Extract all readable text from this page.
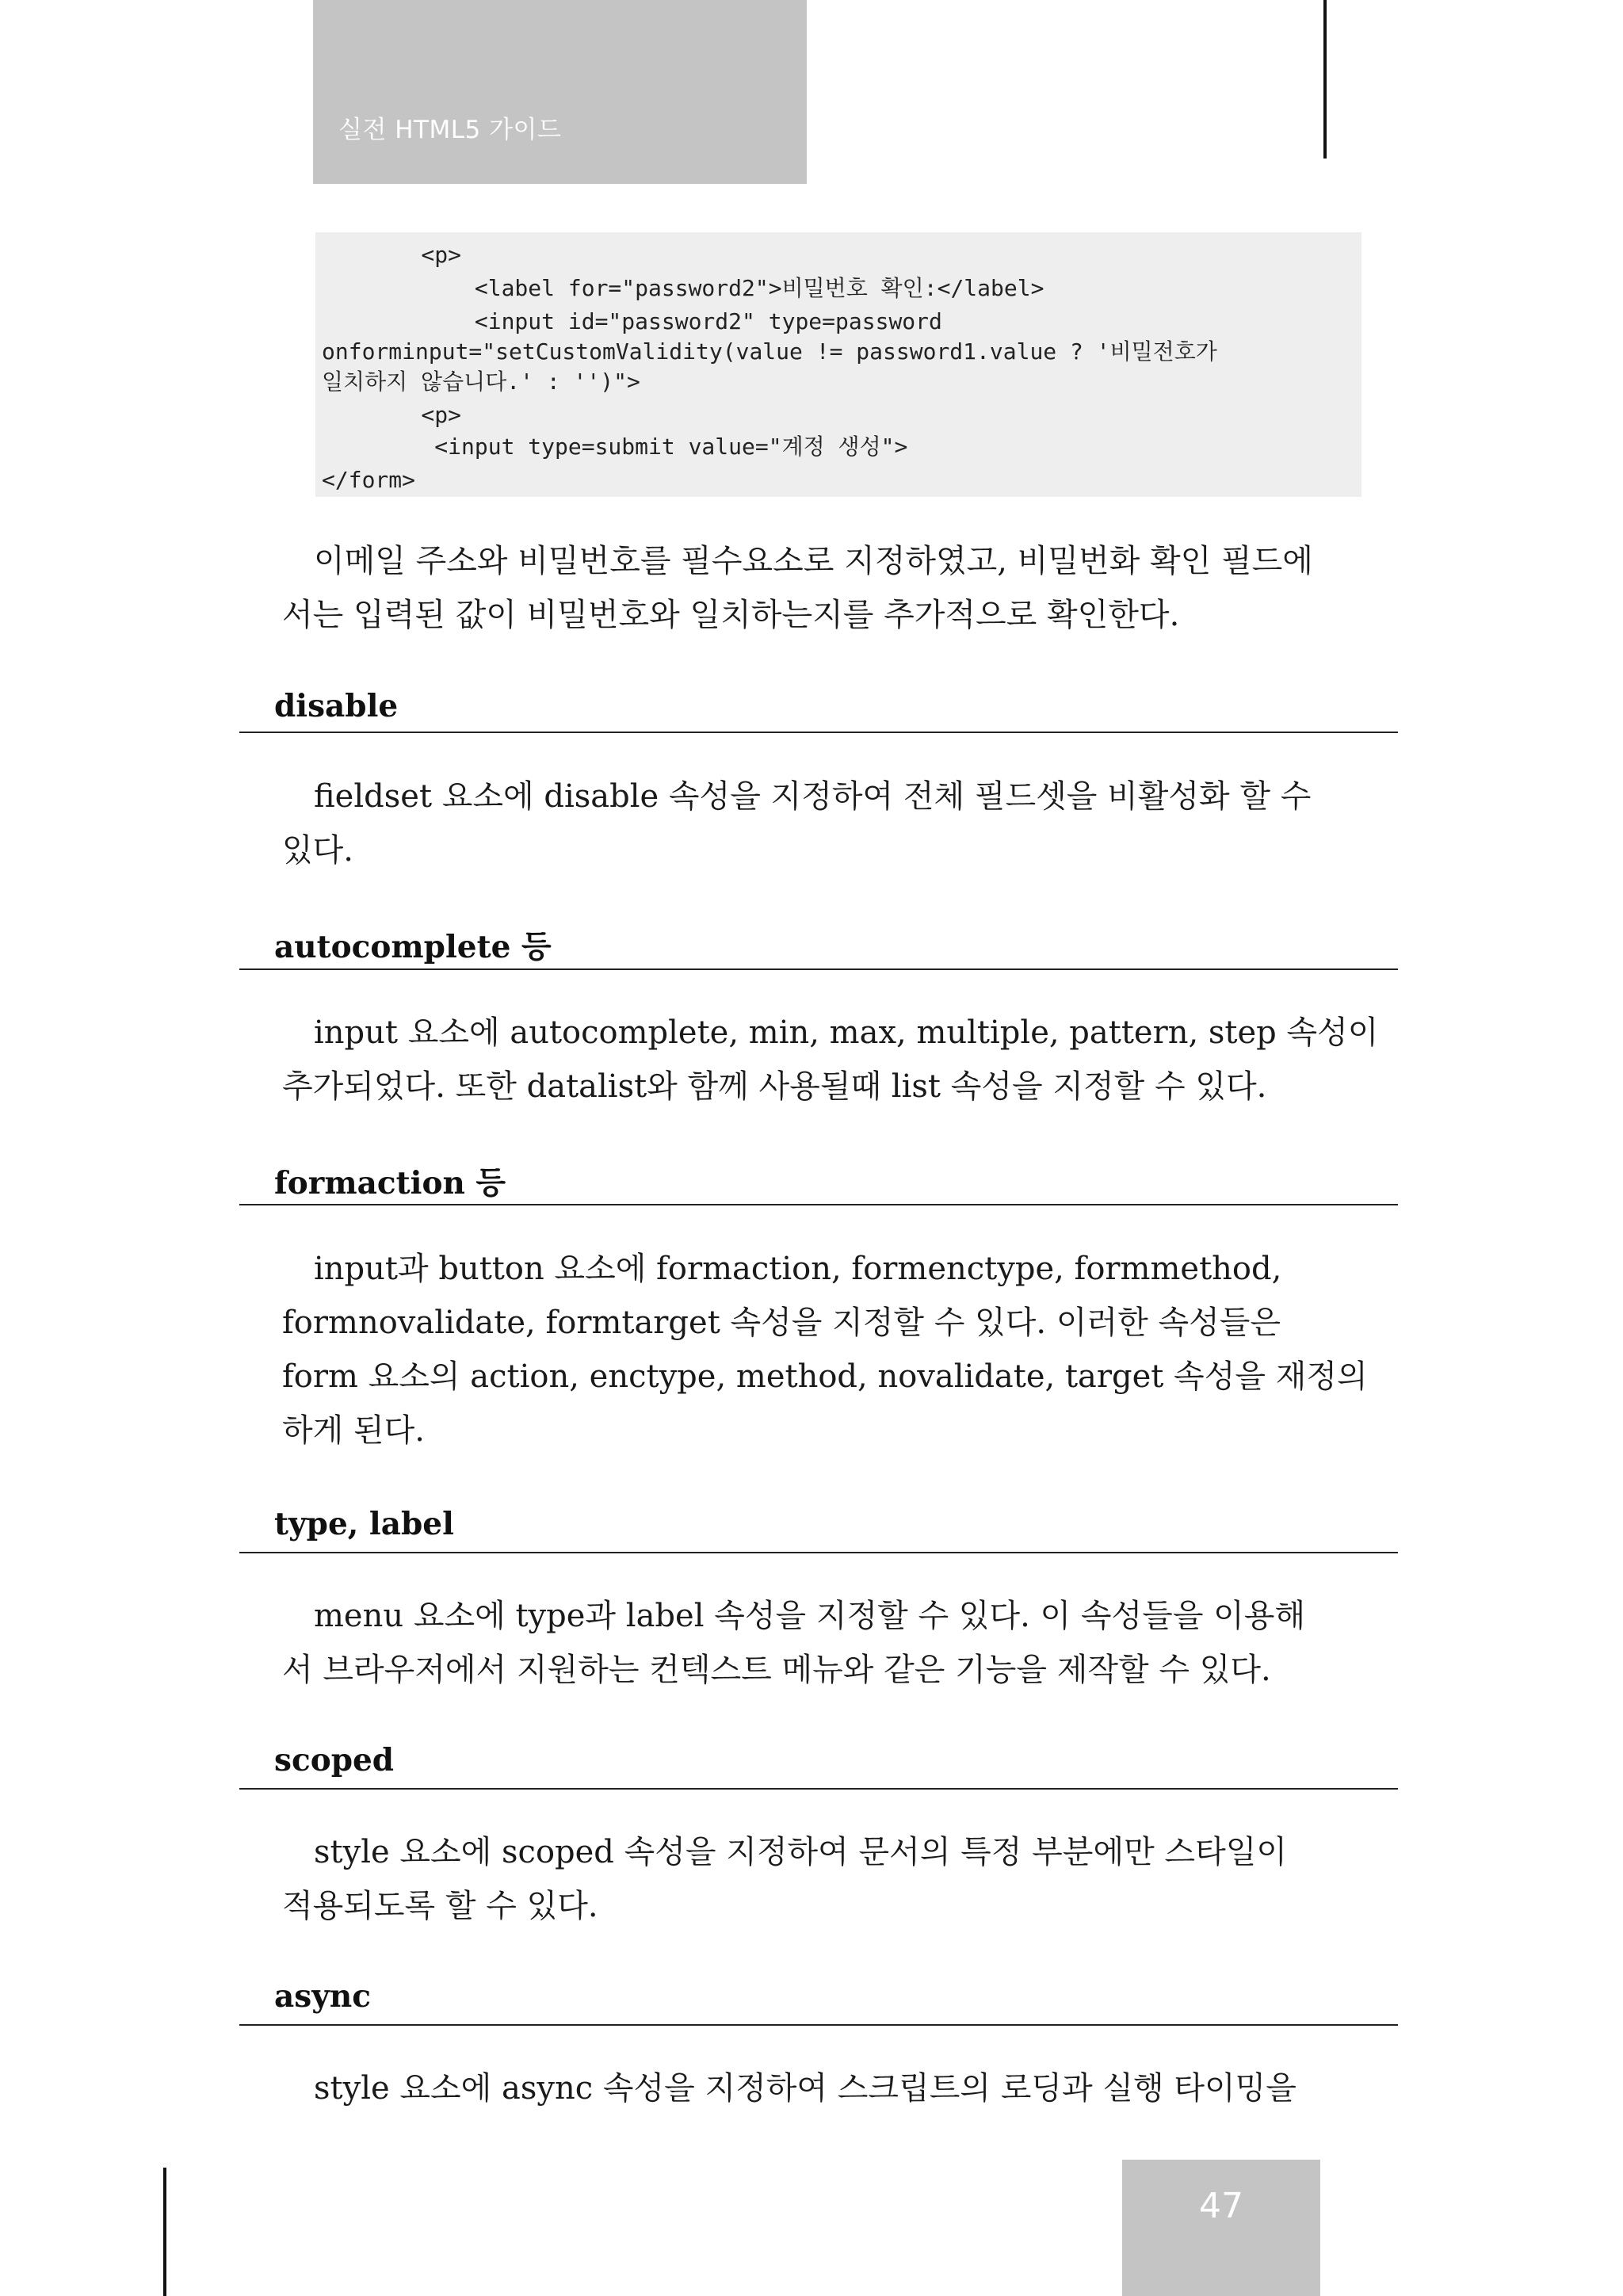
실전 HTML5 가이드
<p>
<label for="password2">비밀번호 확인:</label>
<input id="password2" type=password
onforminput="setCustomValidity(value != password1.value ? '비밀전호가
일치하지 않습니다.' : '')">
<p>
<input type=submit value="계정 생성">
</form>
이메일 주소와 비밀번호를 필수요소로 지정하였고, 비밀번화 확인 필드에
서는 입력된 값이 비밀번호와 일치하는지를 추가적으로 확인한다.
disable
fieldset 요소에 disable 속성을 지정하여 전체 필드셋을 비활성화 할 수
있다.
autocomplete 등
input 요소에 autocomplete, min, max, multiple, pattern, step 속성이
추가되었다. 또한 datalist와 함께 사용될때 list 속성을 지정할 수 있다.
formaction 등
input과 button 요소에 formaction, formenctype, formmethod,
formnovalidate, formtarget 속성을 지정할 수 있다. 이러한 속성들은
form 요소의 action, enctype, method, novalidate, target 속성을 재정의
하게 된다.
type, label
menu 요소에 type과 label 속성을 지정할 수 있다. 이 속성들을 이용해
서 브라우저에서 지원하는 컨텍스트 메뉴와 같은 기능을 제작할 수 있다.
scoped
style 요소에 scoped 속성을 지정하여 문서의 특정 부분에만 스타일이
적용되도록 할 수 있다.
async
style 요소에 async 속성을 지정하여 스크립트의 로딩과 실행 타이밍을
47
